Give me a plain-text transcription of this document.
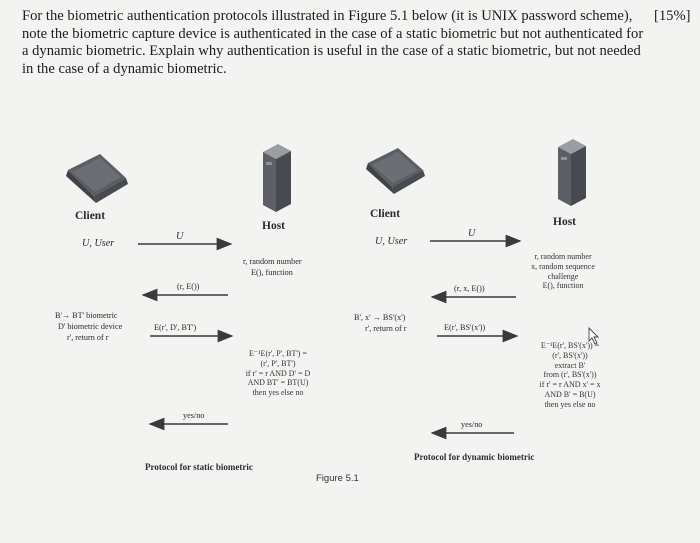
For the biometric authentication protocols illustrated in Figure 5.1 below (it is UNIX password scheme), note the biometric capture device is authenticated in the case of a static biometric but not authenticated for a dynamic biometric. Explain why authentication is useful in the case of a static biometric, but not needed in the case of a dynamic biometric.
[15%]
Client
Host
U, User
U
r, random number
E(), function
(r, E())
B'→ BT' biometric
D' biometric device
r', return of r
E(r', D', BT')
E⁻¹E(r', P', BT') =
(r', P', BT')
if r' = r AND D' = D
AND BT' = BT(U)
then yes else no
yes/no
Protocol for static biometric
Client
Host
U, User
U
r, random number
x, random sequence
challenge
E(), function
(r, x, E())
B', x' → BS'(x')
r', return of r	E(r', BS'(x'))
E⁻¹E(r', BS'(x')) =
(r', BS'(x'))
extract B'
from (r', BS'(x'))
if r' = r AND x' = x
AND B' = B(U)
then yes else no
yes/no
Protocol for dynamic biometric
Figure 5.1
